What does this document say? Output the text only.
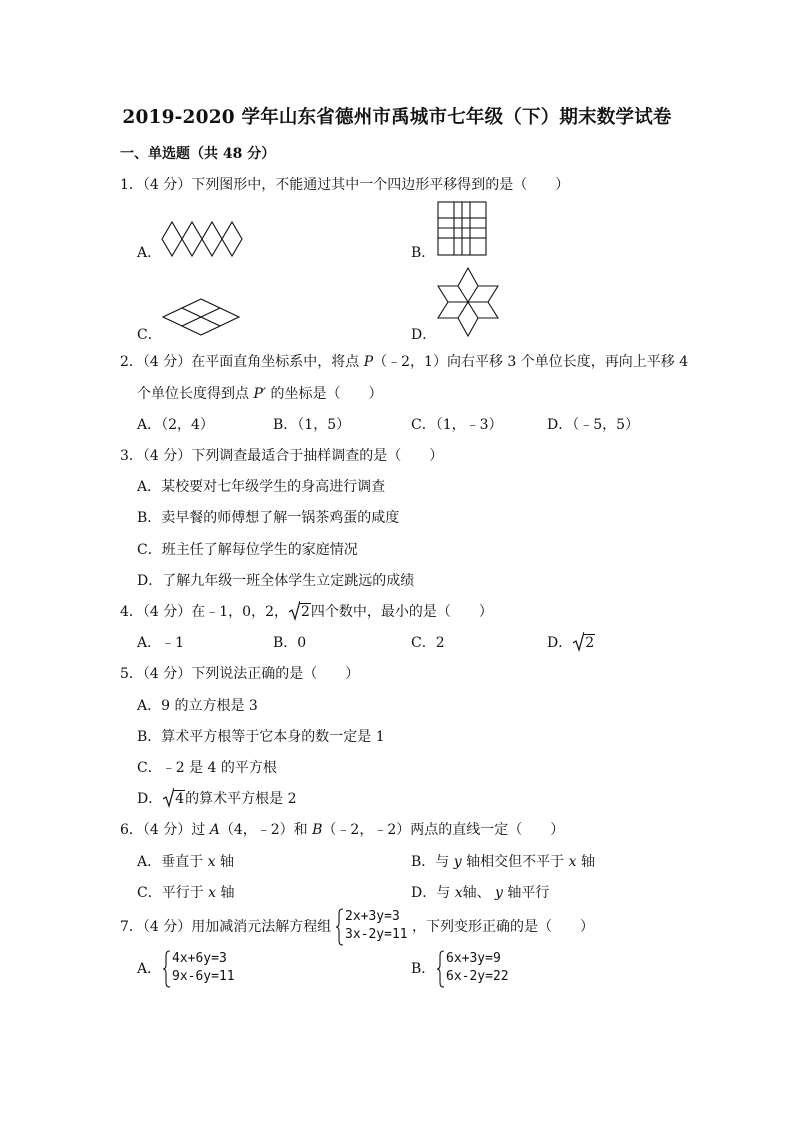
2019-2020 学年山东省德州市禹城市七年级（下）期末数学试卷
一、单选题（共 48 分）
1．（4 分）下列图形中，不能通过其中一个四边形平移得到的是（　　）
A．	B．
C．	D．
2．（4 分）在平面直角坐标系中，将点 P（﹣2，1）向右平移 3 个单位长度，再向上平移 4
个单位长度得到点 P′ 的坐标是（　　）
A．（2，4）	B．（1，5）	C．（1，﹣3）	D．（﹣5，5）
3．（4 分）下列调查最适合于抽样调查的是（　　）
A．某校要对七年级学生的身高进行调查
B．卖早餐的师傅想了解一锅茶鸡蛋的咸度
C．班主任了解每位学生的家庭情况
D．了解九年级一班全体学生立定跳远的成绩
4．（4 分）在﹣1，0，2， 2四个数中，最小的是（　　）
A．﹣1	B．0	C．2	D． 2
5．（4 分）下列说法正确的是（　　）
A．9 的立方根是 3
B．算术平方根等于它本身的数一定是 1
C．﹣2 是 4 的平方根
D． 4的算术平方根是 2
6．（4 分）过 A（4，﹣2）和 B（﹣2，﹣2）两点的直线一定（　　）
A．垂直于 x 轴	B．与 y 轴相交但不平于 x 轴
C．平行于 x 轴	D．与 x轴、 y 轴平行
7．（4 分）用加减消元法解方程组
2x+3y=3
3x-2y=11 ，下列变形正确的是（　　）
A．
4x+6y=3
9x-6y=11	B．
6x+3y=9
6x-2y=22
